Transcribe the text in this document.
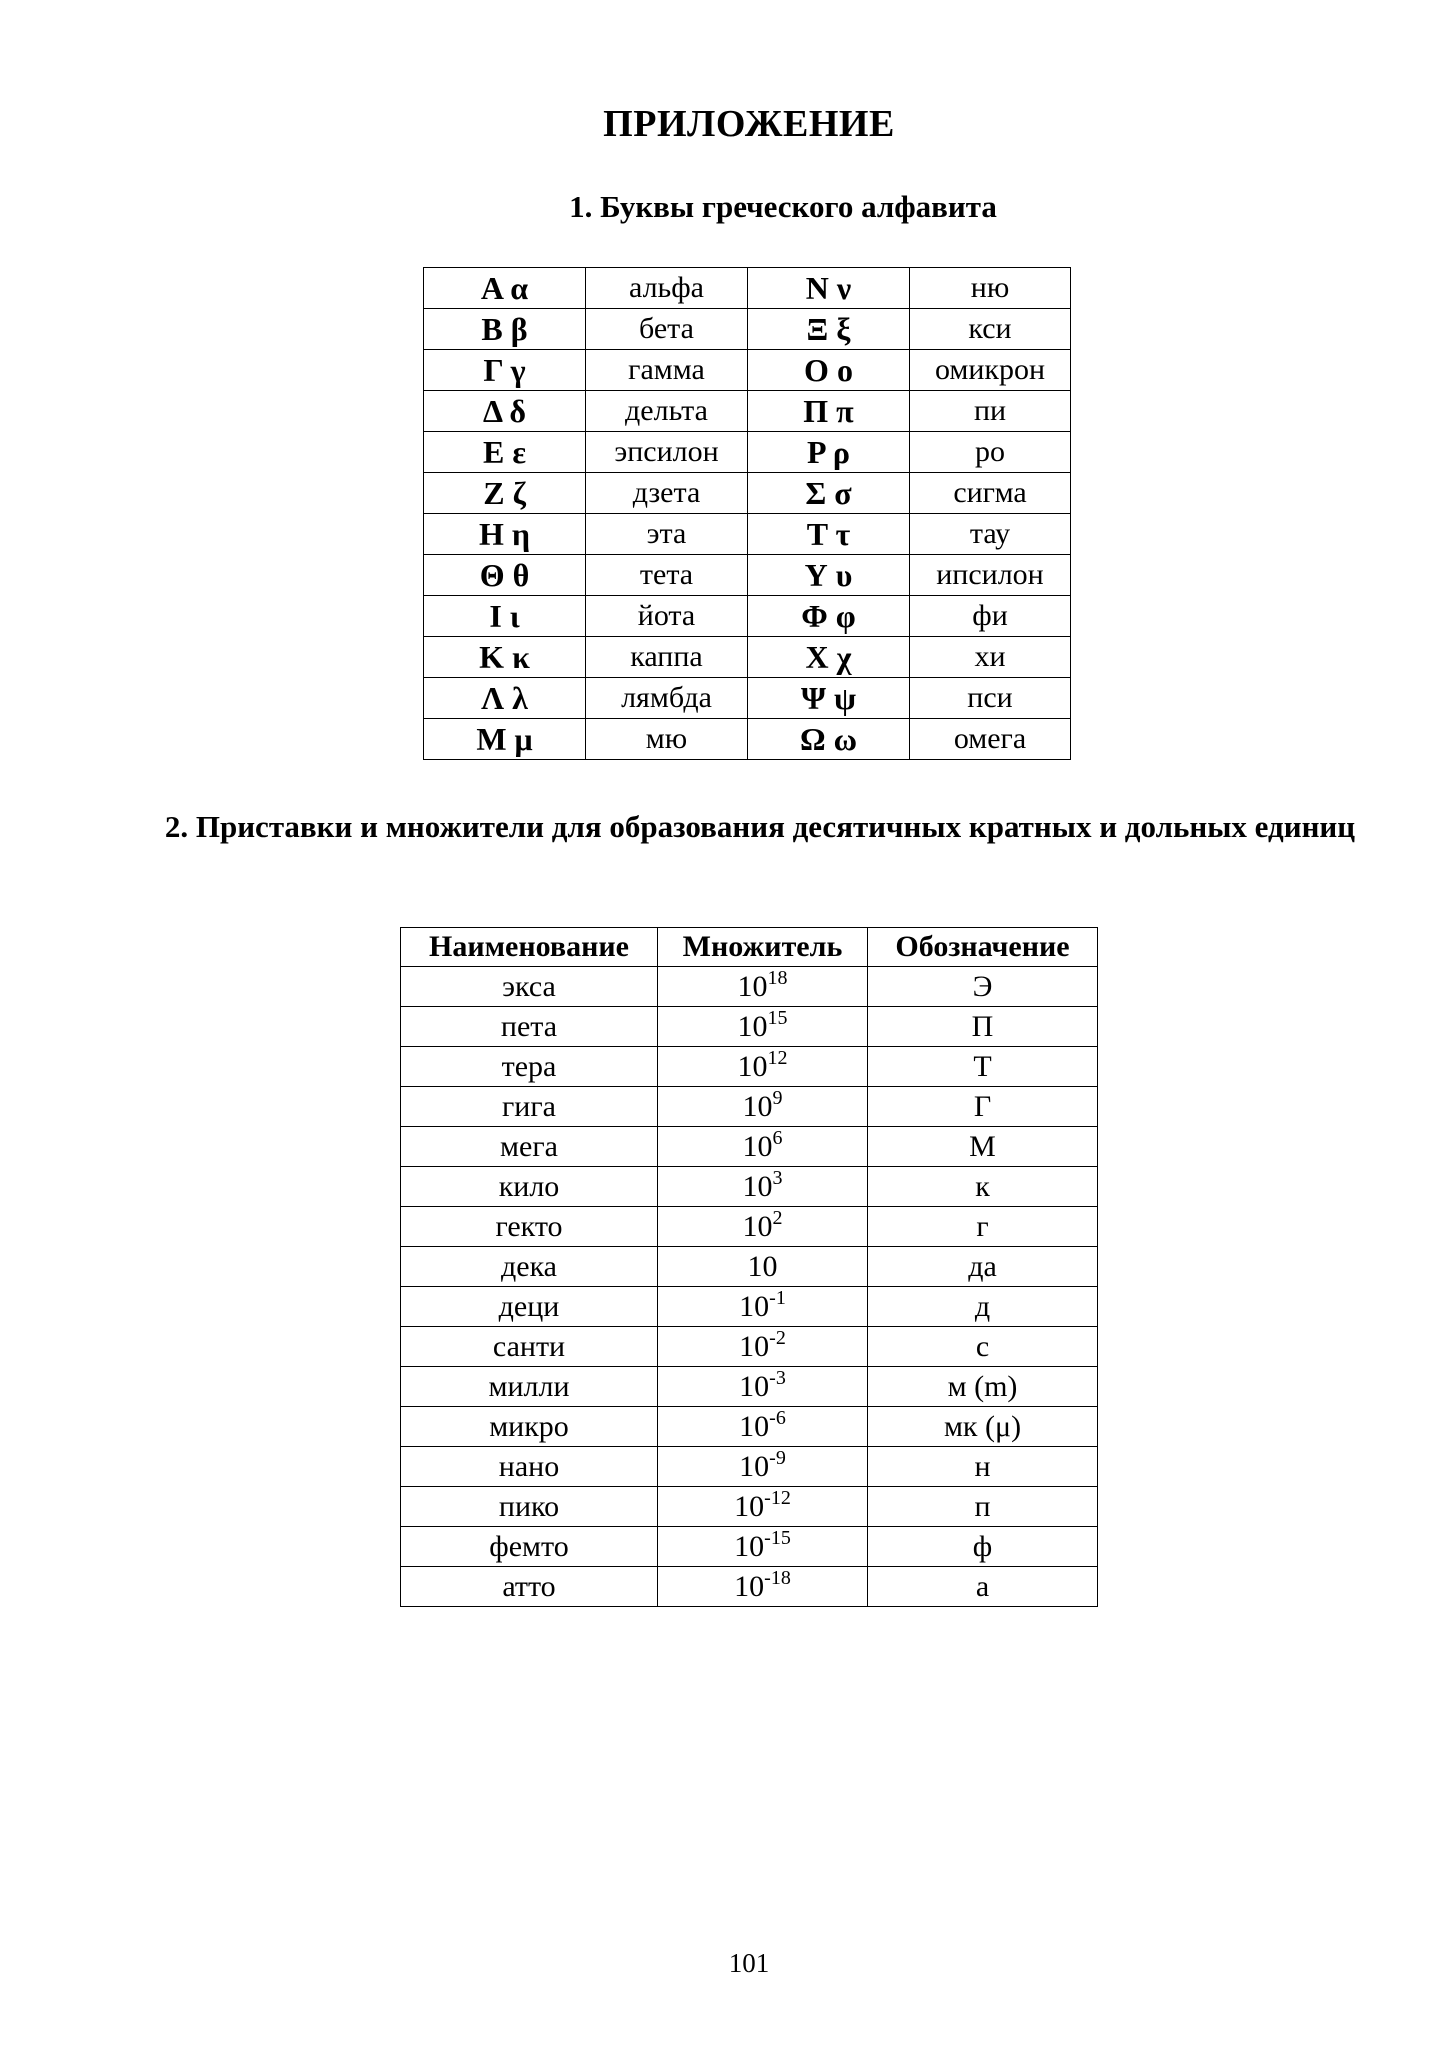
ПРИЛОЖЕНИЕ
1. Буквы греческого алфавита
Α α	альфа	Ν ν	ню
Β β	бета	Ξ ξ	кси
Γ γ	гамма	Ο ο	омикрон
Δ δ	дельта	Π π	пи
Ε ε	эпсилон	Ρ ρ	ро
Ζ ζ	дзета	Σ σ	сигма
Η η	эта	Τ τ	тау
Θ θ	тета	Υ υ	ипсилон
Ι ι	йота	Φ φ	фи
Κ κ	каппа	Χ χ	хи
Λ λ	лямбда	Ψ ψ	пси
Μ μ	мю	Ω ω	омега
2. Приставки и множители для образования десятичных кратных и дольных единиц
Наименование	Множитель	Обозначение
экса	$10^{18}$	Э
пета	$10^{15}$	П
тера	$10^{12}$	Т
гига	$10^9$	Г
мега	$10^6$	М
кило	$10^3$	к
гекто	$10^2$	г
дека	10	да
деци	$10^{-1}$	д
санти	$10^{-2}$	с
милли	$10^{-3}$	м (m)
микро	$10^{-6}$	мк (μ)
нано	$10^{-9}$	н
пико	$10^{-12}$	п
фемто	$10^{-15}$	ф
атто	$10^{-18}$	а
101
